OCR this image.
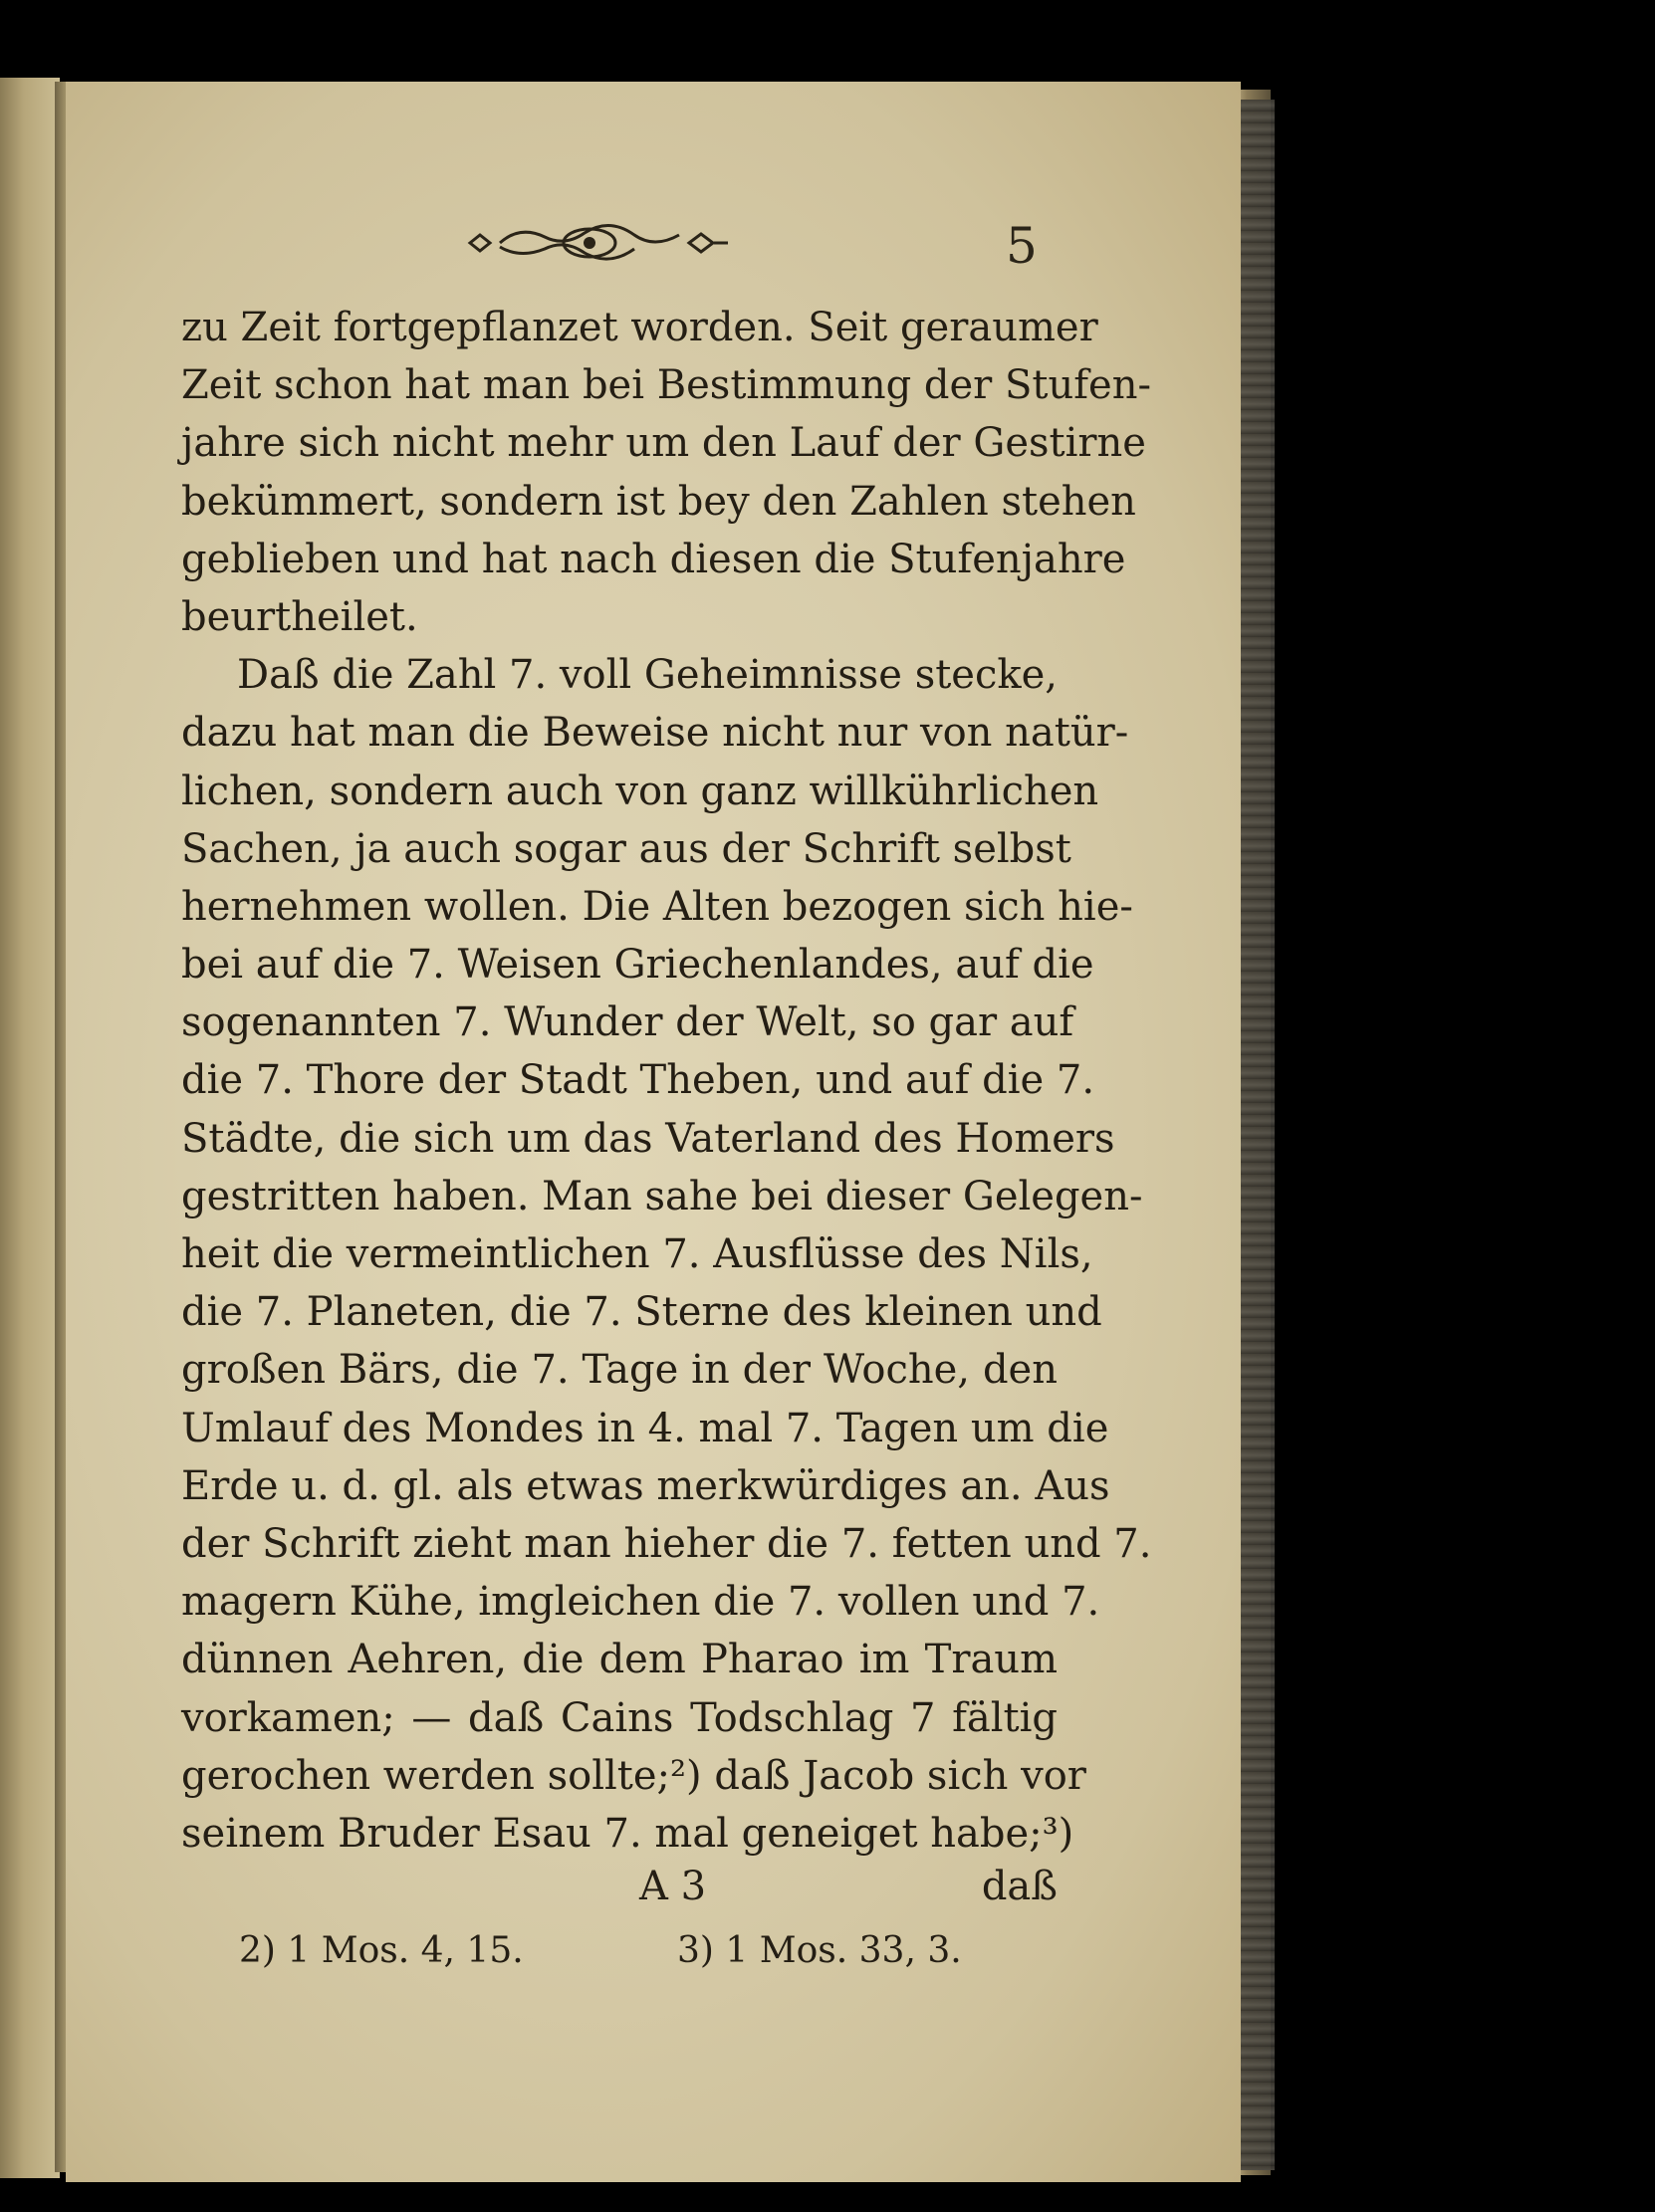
5
zu Zeit fortgepflanzet worden. Seit geraumer
Zeit schon hat man bei Bestimmung der Stufen-
jahre sich nicht mehr um den Lauf der Gestirne
bekümmert, sondern ist bey den Zahlen stehen
geblieben und hat nach diesen die Stufenjahre
beurtheilet.
Daß die Zahl 7. voll Geheimnisse stecke,
dazu hat man die Beweise nicht nur von natür-
lichen, sondern auch von ganz willkührlichen
Sachen, ja auch sogar aus der Schrift selbst
hernehmen wollen. Die Alten bezogen sich hie-
bei auf die 7. Weisen Griechenlandes, auf die
sogenannten 7. Wunder der Welt, so gar auf
die 7. Thore der Stadt Theben, und auf die 7.
Städte, die sich um das Vaterland des Homers
gestritten haben. Man sahe bei dieser Gelegen-
heit die vermeintlichen 7. Ausflüsse des Nils,
die 7. Planeten, die 7. Sterne des kleinen und
großen Bärs, die 7. Tage in der Woche, den
Umlauf des Mondes in 4. mal 7. Tagen um die
Erde u. d. gl. als etwas merkwürdiges an. Aus
der Schrift zieht man hieher die 7. fetten und 7.
magern Kühe, imgleichen die 7. vollen und 7.
dünnen Aehren, die dem Pharao im Traum
vorkamen; — daß Cains Todschlag 7 fältig
gerochen werden sollte;²) daß Jacob sich vor
seinem Bruder Esau 7. mal geneiget habe;³)
A 3	daß
2) 1 Mos. 4, 15.	3) 1 Mos. 33, 3.
